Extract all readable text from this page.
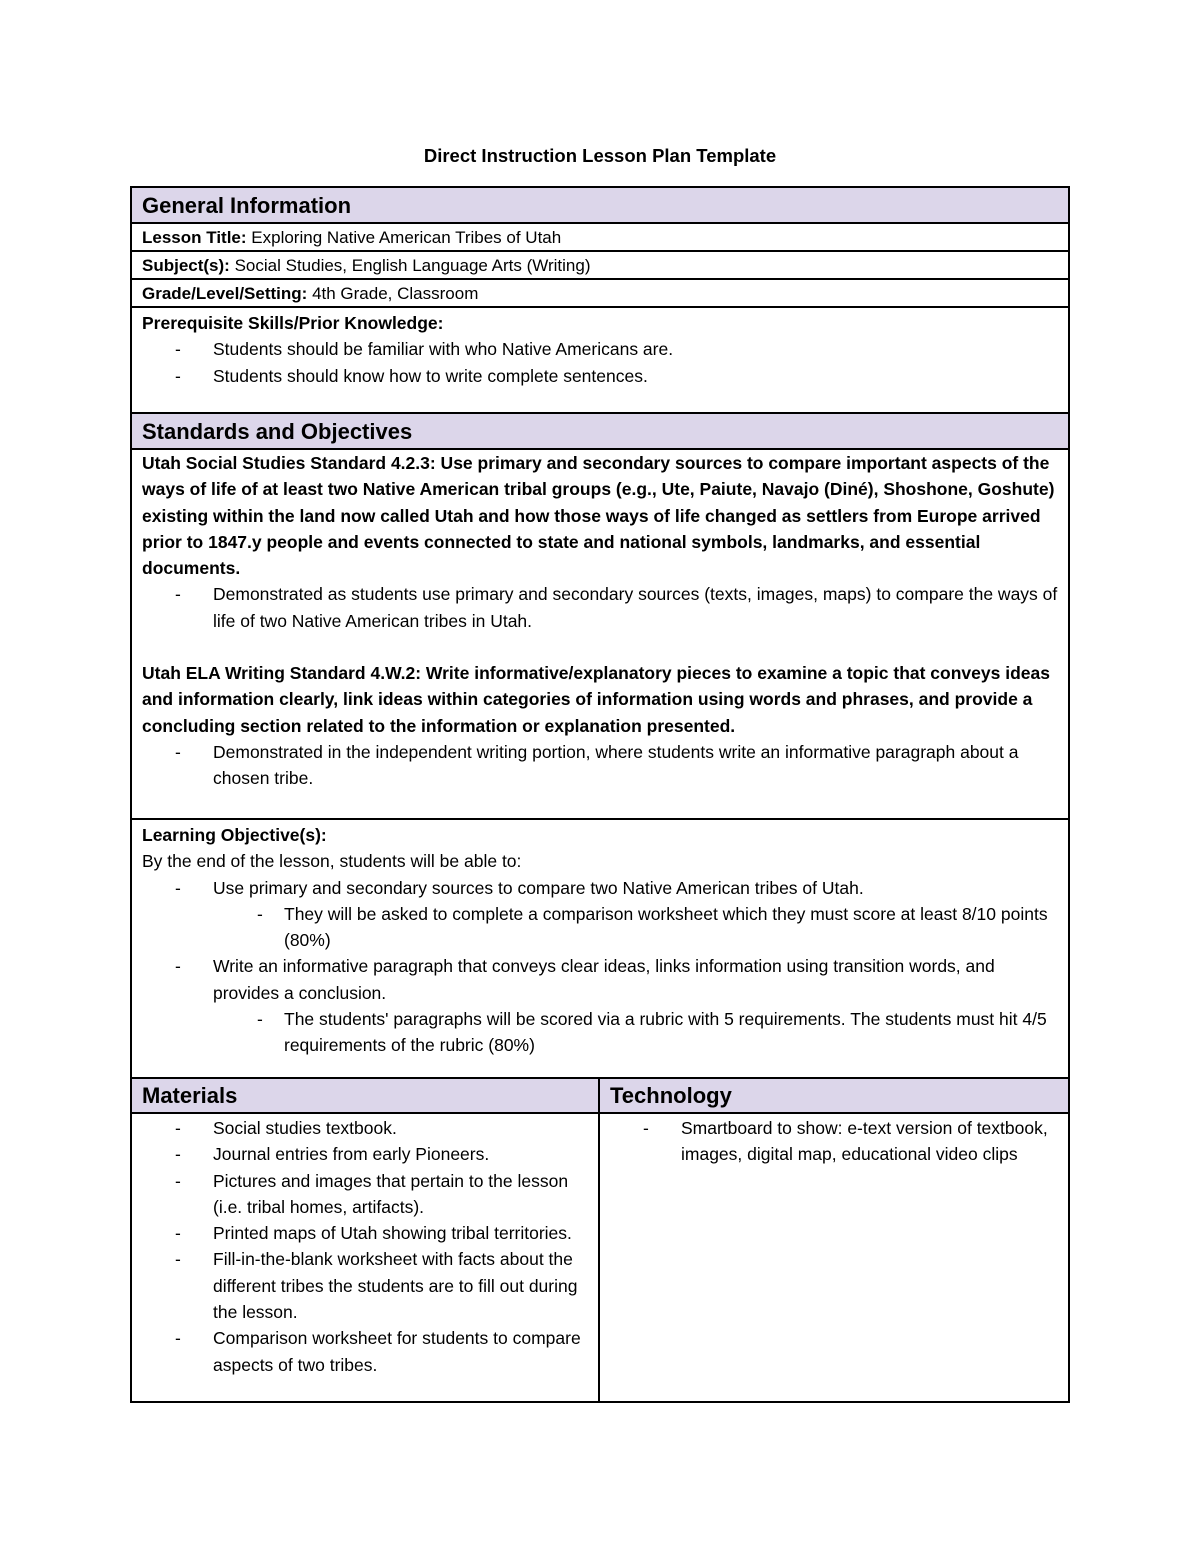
Direct Instruction Lesson Plan Template
General Information
Lesson Title: Exploring Native American Tribes of Utah
Subject(s): Social Studies, English Language Arts (Writing)
Grade/Level/Setting: 4th Grade, Classroom
Prerequisite Skills/Prior Knowledge:
- Students should be familiar with who Native Americans are.
- Students should know how to write complete sentences.
Standards and Objectives
Utah Social Studies Standard 4.2.3: Use primary and secondary sources to compare important aspects of the ways of life of at least two Native American tribal groups (e.g., Ute, Paiute, Navajo (Diné), Shoshone, Goshute) existing within the land now called Utah and how those ways of life changed as settlers from Europe arrived prior to 1847.y people and events connected to state and national symbols, landmarks, and essential documents.
- Demonstrated as students use primary and secondary sources (texts, images, maps) to compare the ways of life of two Native American tribes in Utah.
Utah ELA Writing Standard 4.W.2: Write informative/explanatory pieces to examine a topic that conveys ideas and information clearly, link ideas within categories of information using words and phrases, and provide a concluding section related to the information or explanation presented.
- Demonstrated in the independent writing portion, where students write an informative paragraph about a chosen tribe.
Learning Objective(s):
By the end of the lesson, students will be able to:
- Use primary and secondary sources to compare two Native American tribes of Utah.
- They will be asked to complete a comparison worksheet which they must score at least 8/10 points (80%)
- Write an informative paragraph that conveys clear ideas, links information using transition words, and provides a conclusion.
- The students' paragraphs will be scored via a rubric with 5 requirements. The students must hit 4/5 requirements of the rubric (80%)
Materials
- Social studies textbook.
- Journal entries from early Pioneers.
- Pictures and images that pertain to the lesson (i.e. tribal homes, artifacts).
- Printed maps of Utah showing tribal territories.
- Fill-in-the-blank worksheet with facts about the different tribes the students are to fill out during the lesson.
- Comparison worksheet for students to compare aspects of two tribes.
Technology
- Smartboard to show: e-text version of textbook, images, digital map, educational video clips
